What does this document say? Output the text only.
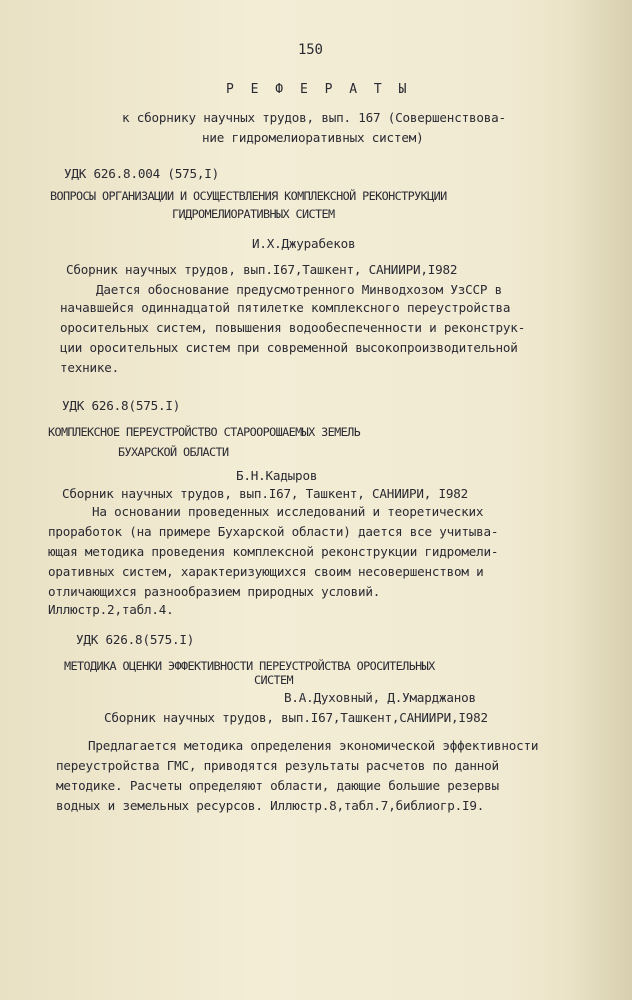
150
Р Е Ф Е Р А Т Ы
к сборнику научных трудов, вып. 167 (Совершенствова-
ние гидромелиоративных систем)
УДК 626.8.004 (575,I)
ВОПРОСЫ ОРГАНИЗАЦИИ И ОСУЩЕСТВЛЕНИЯ КОМПЛЕКСНОЙ РЕКОНСТРУКЦИИ
ГИДРОМЕЛИОРАТИВНЫХ СИСТЕМ
И.Х.Джурабеков
Сборник научных трудов, вып.I67,Ташкент, САНИИРИ,I982
Дается обоснование предусмотренного Минводхозом УзССР в
начавшейся одиннадцатой пятилетке комплексного переустройства
оросительных систем, повышения водообеспеченности и реконструк-
ции оросительных систем при современной высокопроизводительной
технике.
УДК 626.8(575.I)
КОМПЛЕКСНОЕ ПЕРЕУСТРОЙСТВО СТАРООРОШАЕМЫХ ЗЕМЕЛЬ
БУХАРСКОЙ ОБЛАСТИ
Б.Н.Кадыров
Сборник научных трудов, вып.I67, Ташкент, САНИИРИ, I982
На основании проведенных исследований и теоретических
проработок (на примере Бухарской области) дается все учитыва-
ющая методика проведения комплексной реконструкции гидромели-
оративных систем, характеризующихся своим несовершенством и
отличающихся разнообразием природных условий.
Иллюстр.2,табл.4.
УДК 626.8(575.I)
МЕТОДИКА ОЦЕНКИ ЭФФЕКТИВНОСТИ ПЕРЕУСТРОЙСТВА ОРОСИТЕЛЬНЫХ
СИСТЕМ
В.А.Духовный, Д.Умарджанов
Сборник научных трудов, вып.I67,Ташкент,САНИИРИ,I982
Предлагается методика определения экономической эффективности
переустройства ГМС, приводятся результаты расчетов по данной
методике. Расчеты определяют области, дающие большие резервы
водных и земельных ресурсов. Иллюстр.8,табл.7,библиогр.I9.
